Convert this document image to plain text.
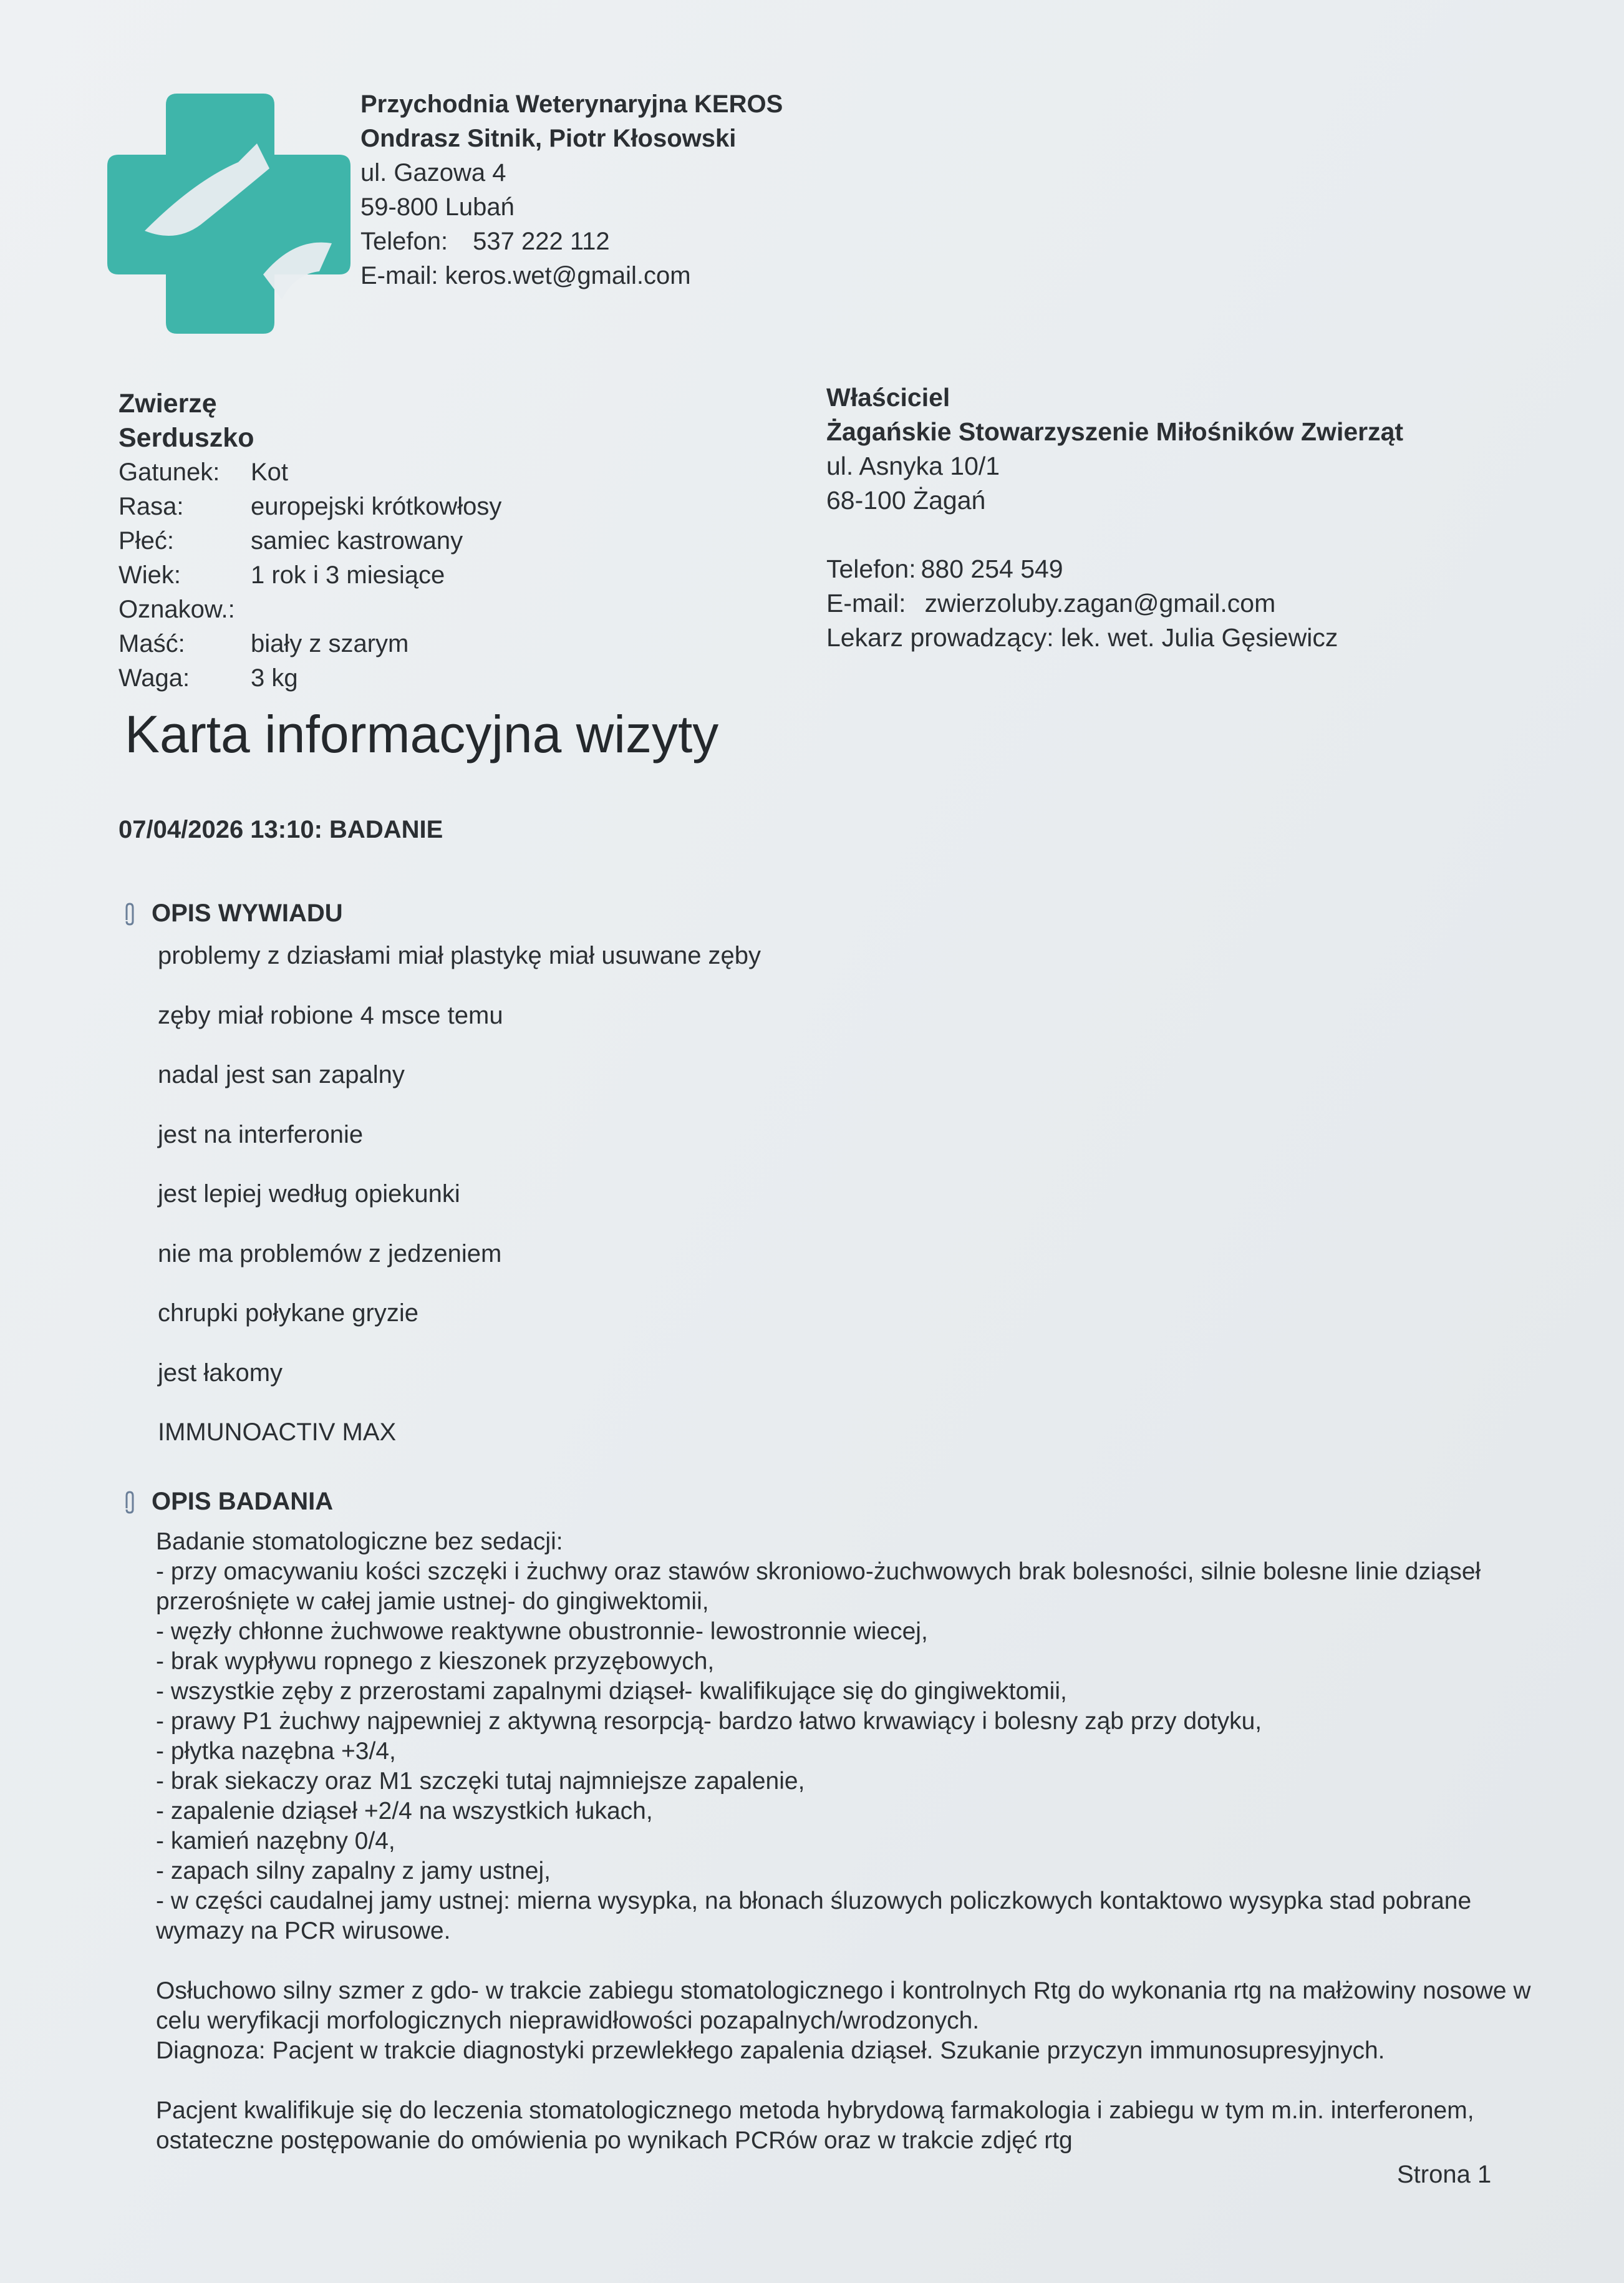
Przychodnia Weterynaryjna KEROS
Ondrasz Sitnik, Piotr Kłosowski
ul. Gazowa 4
59-800 Lubań
Telefon: 537 222 112
E-mail: keros.wet@gmail.com
Zwierzę
Serduszko
Gatunek:	Kot
Rasa:	europejski krótkowłosy
Płeć:	samiec kastrowany
Wiek:	1 rok i 3 miesiące
Oznakow.:
Maść:	biały z szarym
Waga:	3 kg
Właściciel
Żagańskie Stowarzyszenie Miłośników Zwierząt
ul. Asnyka 10/1
68-100 Żagań
Telefon: 880 254 549
E-mail: zwierzoluby.zagan@gmail.com
Lekarz prowadzący: lek. wet. Julia Gęsiewicz
Karta informacyjna wizyty
07/04/2026 13:10: BADANIE
OPIS WYWIADU
problemy z dziasłami miał plastykę miał usuwane zęby
zęby miał robione 4 msce temu
nadal jest san zapalny
jest na interferonie
jest lepiej według opiekunki
nie ma problemów z jedzeniem
chrupki połykane gryzie
jest łakomy
IMMUNOACTIV MAX
OPIS BADANIA

Badanie stomatologiczne bez sedacji:

- przy omacywaniu kości szczęki i żuchwy oraz stawów skroniowo-żuchwowych brak bolesności, silnie bolesne linie dziąseł przerośnięte w całej jamie ustnej- do gingiwektomii,

- węzły chłonne żuchwowe reaktywne obustronnie- lewostronnie wiecej,

- brak wypływu ropnego z kieszonek przyzębowych,

- wszystkie zęby z przerostami zapalnymi dziąseł- kwalifikujące się do gingiwektomii,

- prawy P1 żuchwy najpewniej z aktywną resorpcją- bardzo łatwo krwawiący i bolesny ząb przy dotyku,

- płytka nazębna +3/4,

- brak siekaczy oraz M1 szczęki tutaj najmniejsze zapalenie,

- zapalenie dziąseł +2/4 na wszystkich łukach,

- kamień nazębny 0/4,

- zapach silny zapalny z jamy ustnej,

- w części caudalnej jamy ustnej: mierna wysypka, na błonach śluzowych policzkowych kontaktowo wysypka stad pobrane wymazy na PCR wirusowe.

Osłuchowo silny szmer z gdo- w trakcie zabiegu stomatologicznego i kontrolnych Rtg do wykonania rtg na małżowiny nosowe w celu weryfikacji morfologicznych nieprawidłowości pozapalnych/wrodzonych.

Diagnoza: Pacjent w trakcie diagnostyki przewlekłego zapalenia dziąseł. Szukanie przyczyn immunosupresyjnych.

Pacjent kwalifikuje się do leczenia stomatologicznego metoda hybrydową farmakologia i zabiegu w tym m.in. interferonem, ostateczne postępowanie do omówienia po wynikach PCRów oraz w trakcie zdjęć rtg

Strona 1
